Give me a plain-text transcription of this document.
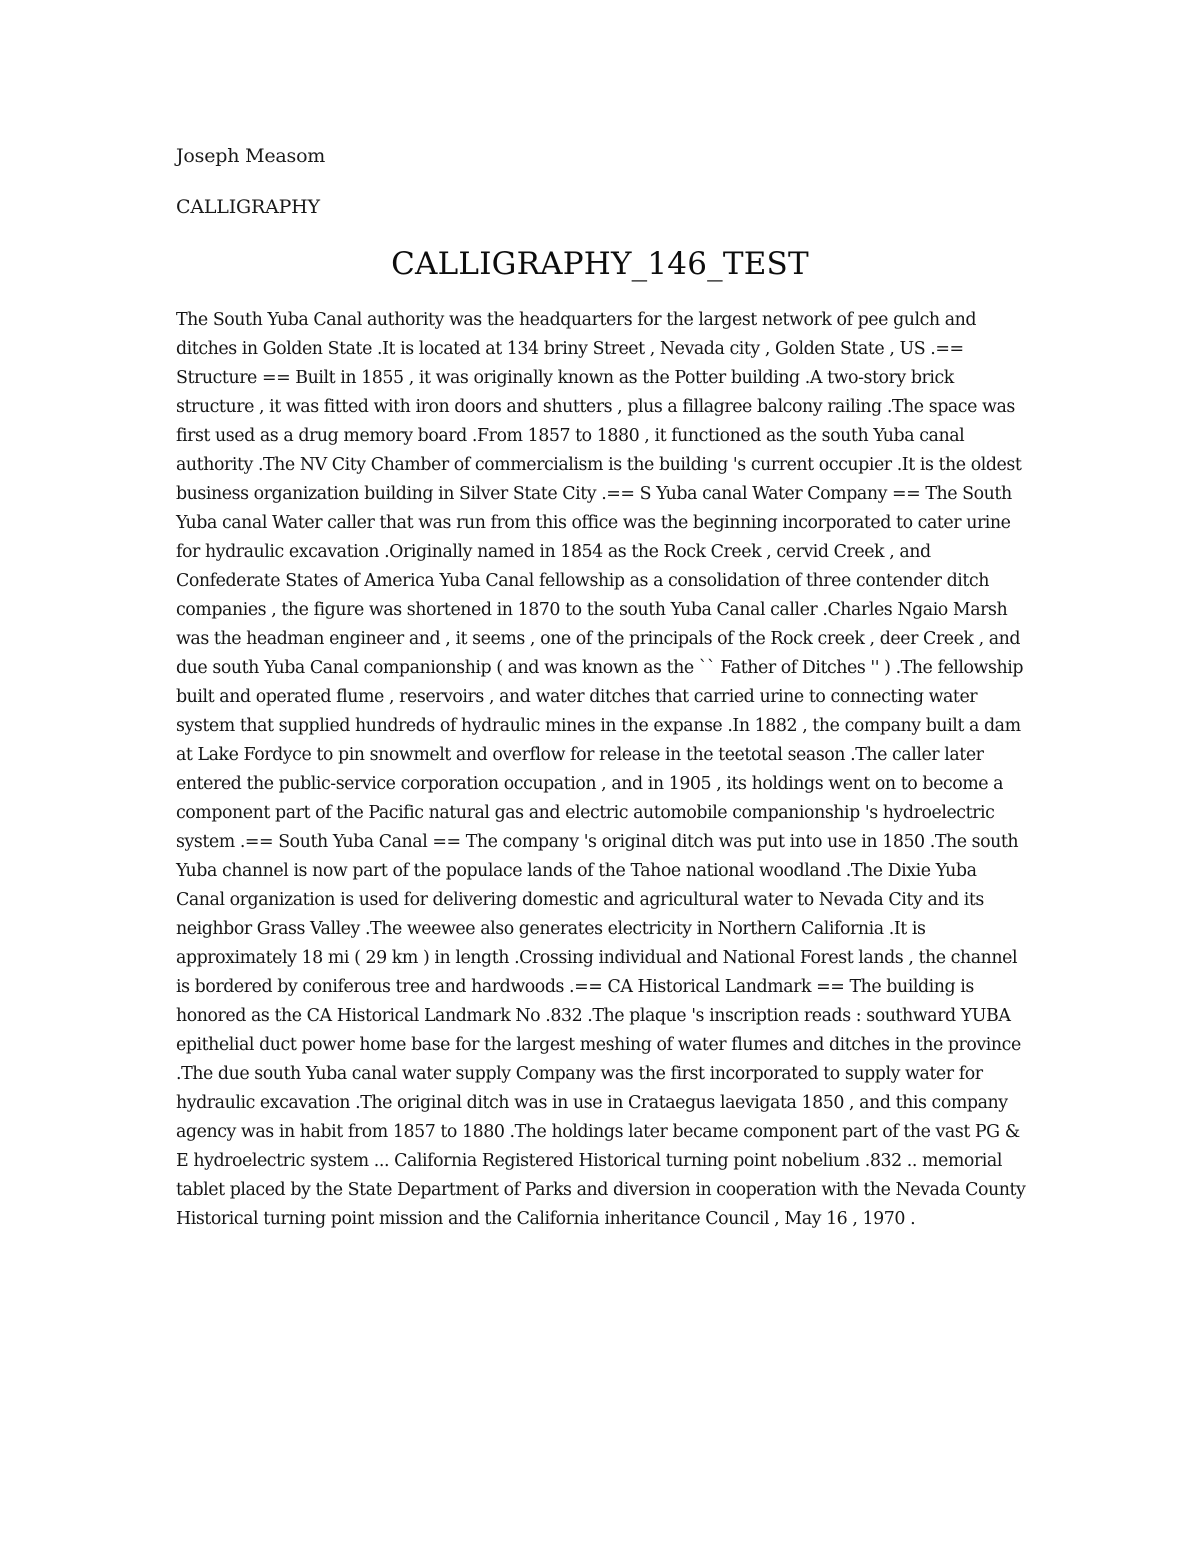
Joseph Measom
CALLIGRAPHY
CALLIGRAPHY_146_TEST
The South Yuba Canal authority was the headquarters for the largest network of pee gulch and ditches in Golden State .It is located at 134 briny Street , Nevada city , Golden State , US .== Structure == Built in 1855 , it was originally known as the Potter building .A two-story brick structure , it was fitted with iron doors and shutters , plus a fillagree balcony railing .The space was first used as a drug memory board .From 1857 to 1880 , it functioned as the south Yuba canal authority .The NV City Chamber of commercialism is the building 's current occupier .It is the oldest business organization building in Silver State City .== S Yuba canal Water Company == The South Yuba canal Water caller that was run from this office was the beginning incorporated to cater urine for hydraulic excavation .Originally named in 1854 as the Rock Creek , cervid Creek , and Confederate States of America Yuba Canal fellowship as a consolidation of three contender ditch companies , the figure was shortened in 1870 to the south Yuba Canal caller .Charles Ngaio Marsh was the headman engineer and , it seems , one of the principals of the Rock creek , deer Creek , and due south Yuba Canal companionship ( and was known as the `` Father of Ditches '' ) .The fellowship built and operated flume , reservoirs , and water ditches that carried urine to connecting water system that supplied hundreds of hydraulic mines in the expanse .In 1882 , the company built a dam at Lake Fordyce to pin snowmelt and overflow for release in the teetotal season .The caller later entered the public-service corporation occupation , and in 1905 , its holdings went on to become a component part of the Pacific natural gas and electric automobile companionship 's hydroelectric system .== South Yuba Canal == The company 's original ditch was put into use in 1850 .The south Yuba channel is now part of the populace lands of the Tahoe national woodland .The Dixie Yuba Canal organization is used for delivering domestic and agricultural water to Nevada City and its neighbor Grass Valley .The weewee also generates electricity in Northern California .It is approximately 18 mi ( 29 km ) in length .Crossing individual and National Forest lands , the channel is bordered by coniferous tree and hardwoods .== CA Historical Landmark == The building is honored as the CA Historical Landmark No .832 .The plaque 's inscription reads : southward YUBA epithelial duct power home base for the largest meshing of water flumes and ditches in the province .The due south Yuba canal water supply Company was the first incorporated to supply water for hydraulic excavation .The original ditch was in use in Crataegus laevigata 1850 , and this company agency was in habit from 1857 to 1880 .The holdings later became component part of the vast PG & E hydroelectric system ... California Registered Historical turning point nobelium .832 .. memorial tablet placed by the State Department of Parks and diversion in cooperation with the Nevada County Historical turning point mission and the California inheritance Council , May 16 , 1970 .
